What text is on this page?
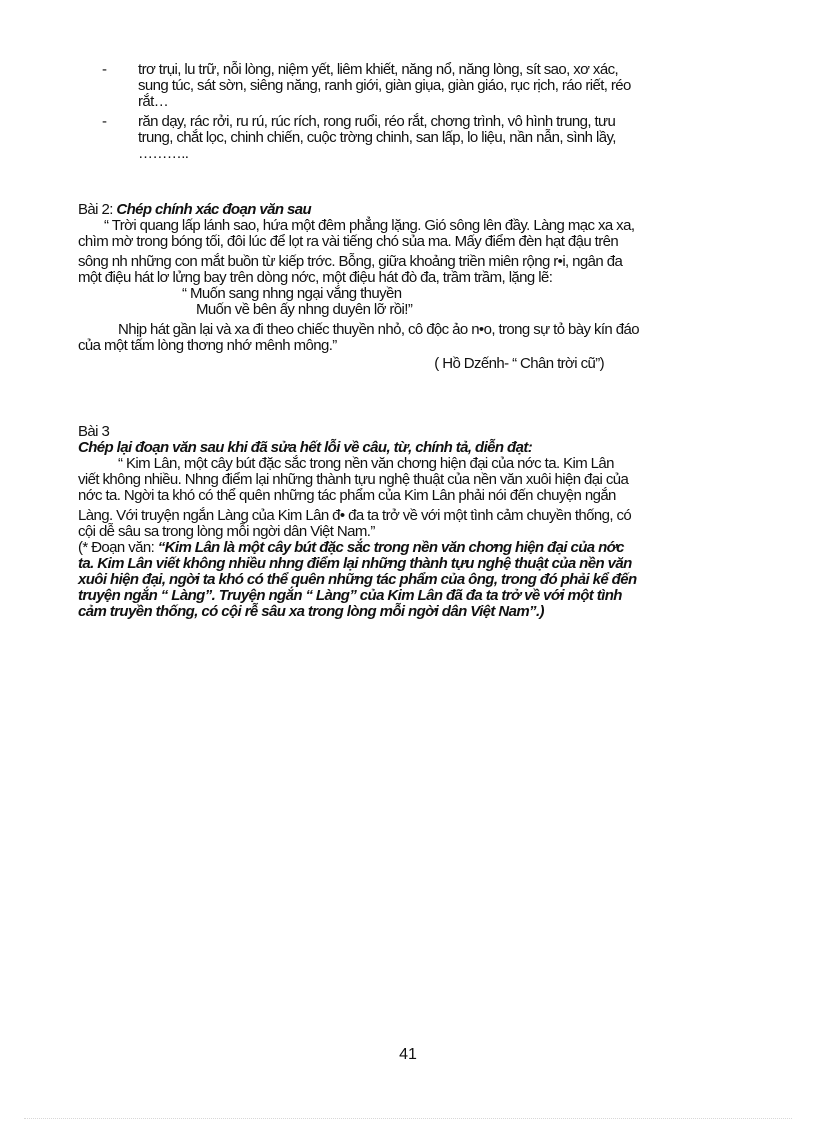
-	trơ trụi, lu trữ, nỗi lòng, niệm yết, liêm khiết, năng nổ, năng lòng, sít sao, xơ xác,
sung túc, sát sờn, siêng năng, ranh giới, giàn giụa, giàn giáo, rục rịch, ráo riết, réo
rắt…
-	răn dạy, rác rởi, ru rú, rúc rích, rong ruổi, réo rắt, chơng trình, vô hình trung, tưu
trung, chắt lọc, chinh chiến, cuộc trờng chinh, san lấp, lo liệu, nần nẫn, sình lầy,
………..
Bài 2: Chép chính xác đoạn văn sau
“ Trời quang lấp lánh sao, hứa một đêm phẳng lặng. Gió sông lên đầy. Làng mạc xa xa,
chìm mờ trong bóng tối, đôi lúc để lọt ra vài tiếng chó sủa ma. Mấy điểm đèn hạt đậu trên
sông nh những con mắt buồn từ kiếp trớc. Bỗng, giữa khoảng triền miên rộng r•i, ngân đa
một điệu hát lơ lửng bay trên dòng nớc, một điệu hát đò đa, trầm trầm, lặng lẽ:
“ Muốn sang nhng ngại vắng thuyền
Muốn về bên ấy nhng duyên lỡ rồi!”
Nhịp hát gần lại và xa đi theo chiếc thuyền nhỏ, cô độc ảo n•o, trong sự tỏ bày kín đáo
của một tấm lòng thơng nhớ mênh mông.”
( Hồ Dzếnh- “ Chân trời cũ”)
Bài 3
Chép lại đoạn văn sau khi đã sửa hết lỗi về câu, từ, chính tả, diễn đạt:
“ Kim Lân, một cây bút đặc sắc trong nền văn chơng hiện đại của nớc ta. Kim Lân
viết không nhiều. Nhng điểm lại những thành tựu nghệ thuật của nền văn xuôi hiện đại của
nớc ta. Ngời ta khó có thể quên những tác phẩm của Kim Lân phải nói đến chuyện ngắn
Làng. Với truyện ngắn Làng của Kim Lân đ• đa ta trở về với một tình cảm chuyền thống, có
cội dễ sâu sa trong lòng mỗi ngời dân Việt Nam.”
(* Đoạn văn: “Kim Lân là một cây bút đặc sắc trong nền văn chơng hiện đại của nớc
ta. Kim Lân viết không nhiều nhng điểm lại những thành tựu nghệ thuật của nền văn
xuôi hiện đại, ngời ta khó có thể quên những tác phẩm của ông, trong đó phải kể đến
truyện ngắn “ Làng”. Truyện ngắn “ Làng” của Kim Lân đã đa ta trở về với một tình
cảm truyền thống, có cội rễ sâu xa trong lòng mỗi ngời dân Việt Nam”.)
41
